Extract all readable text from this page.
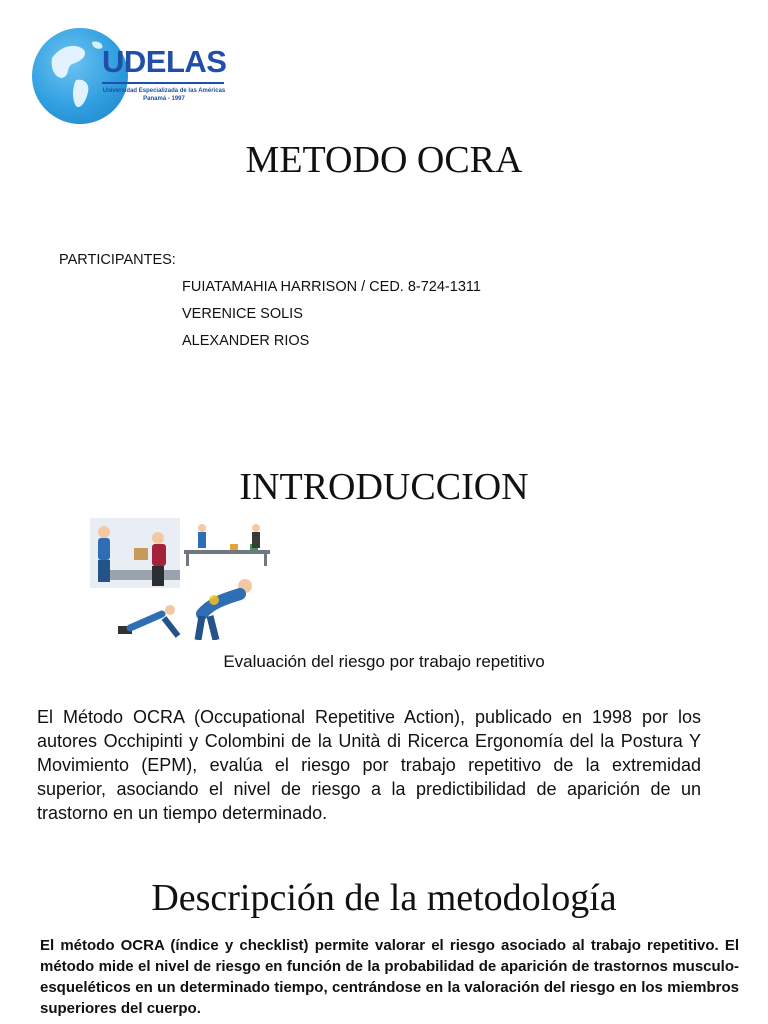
UDELAS
Universidad Especializada de las Américas
Panamá - 1997
METODO OCRA
PARTICIPANTES:
FUIATAMAHIA HARRISON / CED. 8-724-1311
VERENICE SOLIS
ALEXANDER RIOS
INTRODUCCION
Evaluación del riesgo por trabajo repetitivo
El Método OCRA (Occupational Repetitive Action), publicado en 1998 por los autores Occhipinti y Colombini de la Unità di Ricerca Ergonomía del la Postura Y Movimiento (EPM), evalúa el riesgo por trabajo repetitivo de la extremidad superior, asociando el nivel de riesgo a la predictibilidad de aparición de un trastorno en un tiempo determinado.
Descripción de la metodología
El método OCRA (índice y checklist) permite valorar el riesgo asociado al trabajo repetitivo. El método mide el nivel de riesgo en función de la probabilidad de aparición de trastornos musculo- esqueléticos en un determinado tiempo, centrándose en la valoración del riesgo en los miembros superiores del cuerpo.
